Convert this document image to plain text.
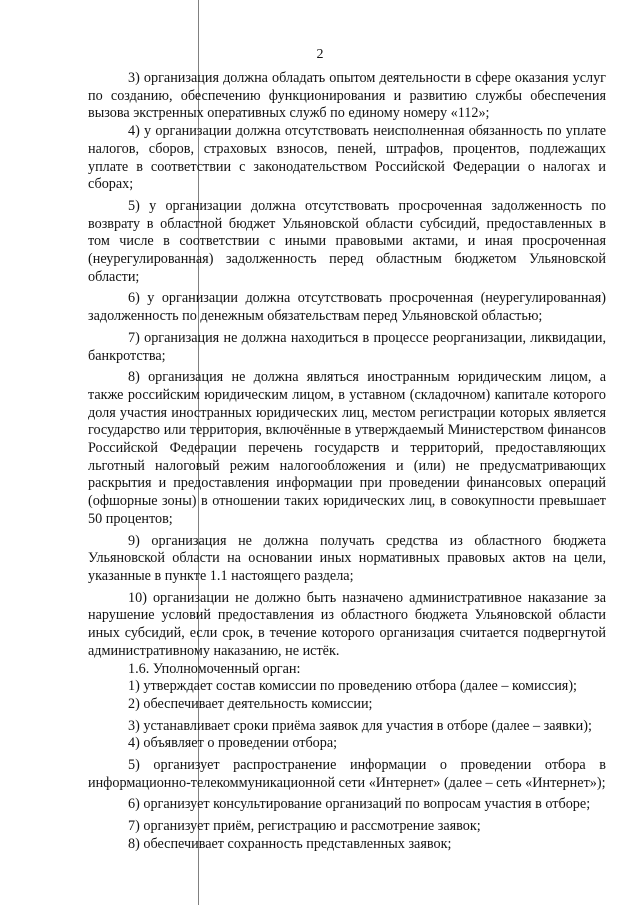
2

3) организация должна обладать опытом деятельности в сфере оказания услуг по созданию, обеспечению функционирования и развитию службы обеспечения вызова экстренных оперативных служб по единому номеру «112»;

4) у организации должна отсутствовать неисполненная обязанность по уплате налогов, сборов, страховых взносов, пеней, штрафов, процентов, подлежащих уплате в соответствии с законодательством Российской Федерации о налогах и сборах;

5) у организации должна отсутствовать просроченная задолженность по возврату в областной бюджет Ульяновской области субсидий, предоставленных в том числе в соответствии с иными правовыми актами, и иная просроченная (неурегулированная) задолженность перед областным бюджетом Ульяновской области;

6) у организации должна отсутствовать просроченная (неурегулированная) задолженность по денежным обязательствам перед Ульяновской областью;

7) организация не должна находиться в процессе реорганизации, ликвидации, банкротства;

8) организация не должна являться иностранным юридическим лицом, а также российским юридическим лицом, в уставном (складочном) капитале которого доля участия иностранных юридических лиц, местом регистрации которых является государство или территория, включённые в утверждаемый Министерством финансов Российской Федерации перечень государств и территорий, предоставляющих льготный налоговый режим налогообложения и (или) не предусматривающих раскрытия и предоставления информации при проведении финансовых операций (офшорные зоны) в отношении таких юридических лиц, в совокупности превышает 50 процентов;

9) организация не должна получать средства из областного бюджета Ульяновской области на основании иных нормативных правовых актов на цели, указанные в пункте 1.1 настоящего раздела;

10) организации не должно быть назначено административное наказание за нарушение условий предоставления из областного бюджета Ульяновской области иных субсидий, если срок, в течение которого организация считается подвергнутой административному наказанию, не истёк.

1.6. Уполномоченный орган:

1) утверждает состав комиссии по проведению отбора (далее – комиссия);

2) обеспечивает деятельность комиссии;

3) устанавливает сроки приёма заявок для участия в отборе (далее – заявки);

4) объявляет о проведении отбора;

5) организует распространение информации о проведении отбора в информационно-телекоммуникационной сети «Интернет» (далее – сеть «Интернет»);

6) организует консультирование организаций по вопросам участия в отборе;

7) организует приём, регистрацию и рассмотрение заявок;

8) обеспечивает сохранность представленных заявок;
